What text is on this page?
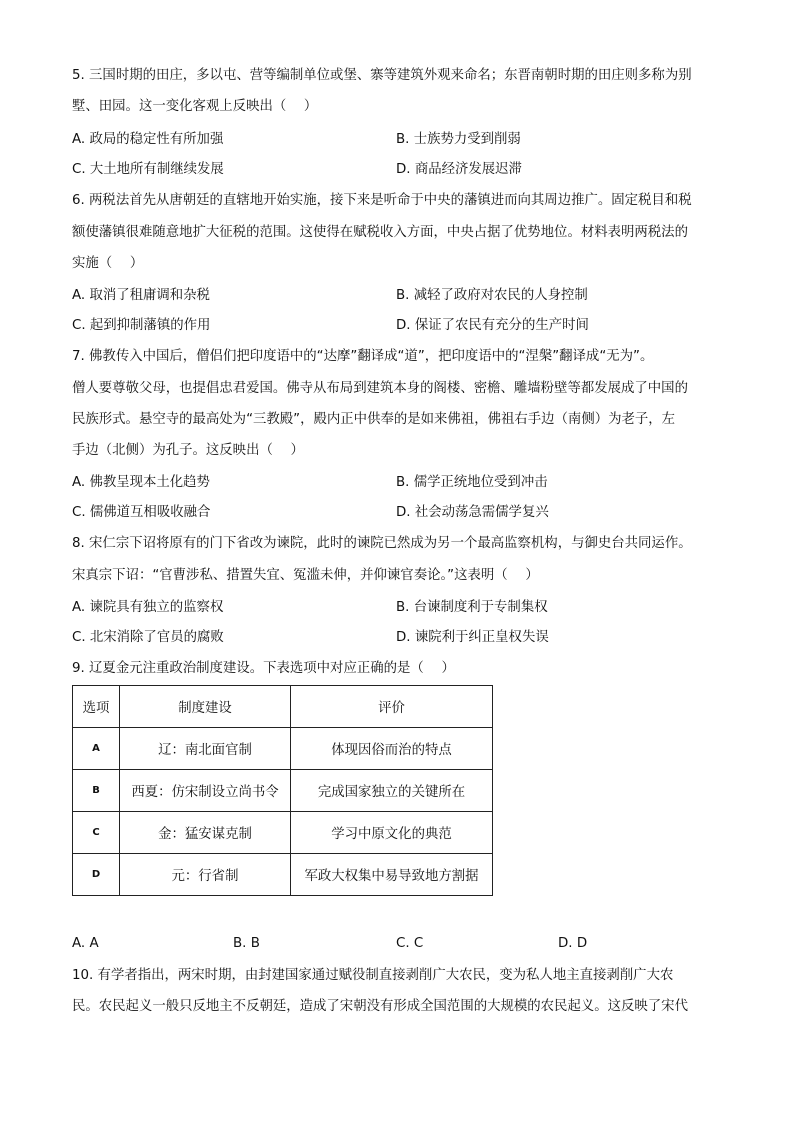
5. 三国时期的田庄，多以屯、营等编制单位或堡、寨等建筑外观来命名；东晋南朝时期的田庄则多称为别
墅、田园。这一变化客观上反映出（　 ）
A. 政局的稳定性有所加强	B. 士族势力受到削弱
C. 大土地所有制继续发展	D. 商品经济发展迟滞
6. 两税法首先从唐朝廷的直辖地开始实施，接下来是听命于中央的藩镇进而向其周边推广。固定税目和税
额使藩镇很难随意地扩大征税的范围。这使得在赋税收入方面，中央占据了优势地位。材料表明两税法的
实施（　 ）
A. 取消了租庸调和杂税	B. 减轻了政府对农民的人身控制
C. 起到抑制藩镇的作用	D. 保证了农民有充分的生产时间
7. 佛教传入中国后，僧侣们把印度语中的“达摩”翻译成“道”，把印度语中的“涅槃”翻译成“无为”。
僧人要尊敬父母，也提倡忠君爱国。佛寺从布局到建筑本身的阁楼、密檐、雕墙粉壁等都发展成了中国的
民族形式。悬空寺的最高处为“三教殿”，殿内正中供奉的是如来佛祖，佛祖右手边（南侧）为老子，左
手边（北侧）为孔子。这反映出（　 ）
A. 佛教呈现本土化趋势	B. 儒学正统地位受到冲击
C. 儒佛道互相吸收融合	D. 社会动荡急需儒学复兴
8. 宋仁宗下诏将原有的门下省改为谏院，此时的谏院已然成为另一个最高监察机构，与御史台共同运作。
宋真宗下诏：“官曹涉私、措置失宜、冤滥未伸，并仰谏官奏论。”这表明（　 ）
A. 谏院具有独立的监察权	B. 台谏制度利于专制集权
C. 北宋消除了官员的腐败	D. 谏院利于纠正皇权失误
9. 辽夏金元注重政治制度建设。下表选项中对应正确的是（　 ）
选项	制度建设	评价
A	辽：南北面官制	体现因俗而治的特点
B	西夏：仿宋制设立尚书令	完成国家独立的关键所在
C	金：猛安谋克制	学习中原文化的典范
D	元：行省制	军政大权集中易导致地方割据
A. A	B. B	C. C	D. D
10. 有学者指出，两宋时期，由封建国家通过赋役制直接剥削广大农民，变为私人地主直接剥削广大农
民。农民起义一般只反地主不反朝廷，造成了宋朝没有形成全国范围的大规模的农民起义。这反映了宋代
